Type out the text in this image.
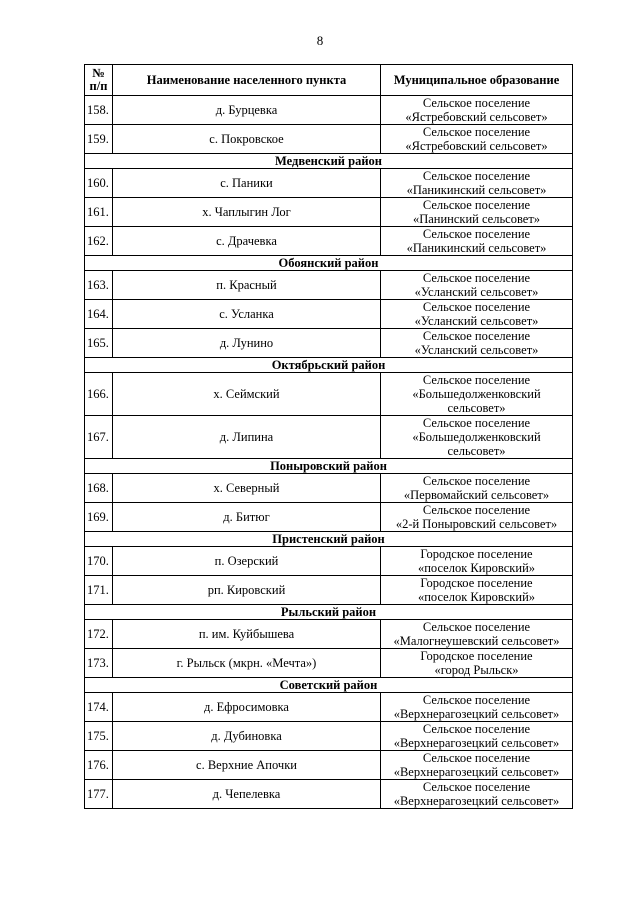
8
№
п/п	Наименование населенного пункта	Муниципальное образование
158.	д. Бурцевка	Сельское поселение
«Ястребовский сельсовет»

159.	с. Покровское	Сельское поселение
«Ястребовский сельсовет»

Медвенский район		
160.	с. Паники	Сельское поселение
«Паникинский сельсовет»

161.	х. Чаплыгин Лог	Сельское поселение
«Панинский сельсовет»

162.	с. Драчевка	Сельское поселение
«Паникинский сельсовет»

Обоянский район		
163.	п. Красный	Сельское поселение
«Усланский сельсовет»

164.	с. Усланка	Сельское поселение
«Усланский сельсовет»

165.	д. Лунино	Сельское поселение
«Усланский сельсовет»

Октябрьский район		
166.	х. Сеймский	Сельское поселение
«Большедолженковский
сельсовет»

167.	д. Липина	Сельское поселение
«Большедолженковский
сельсовет»

Поныровский район		
168.	х. Северный	Сельское поселение
«Первомайский сельсовет»

169.	д. Битюг	Сельское поселение
«2-й Поныровский сельсовет»

Пристенский район		
170.	п. Озерский	Городское поселение
«поселок Кировский»

171.	рп. Кировский	Городское поселение
«поселок Кировский»

Рыльский район		
172.	п. им. Куйбышева	Сельское поселение
«Малогнеушевский сельсовет»

173.	г. Рыльск (мкрн. «Мечта»)	Городское поселение
«город Рыльск»

Советский район		
174.	д. Ефросимовка	Сельское поселение
«Верхнерагозецкий сельсовет»

175.	д. Дубиновка	Сельское поселение
«Верхнерагозецкий сельсовет»

176.	с. Верхние Апочки	Сельское поселение
«Верхнерагозецкий сельсовет»

177.	д. Чепелевка	Сельское поселение
«Верхнерагозецкий сельсовет»
